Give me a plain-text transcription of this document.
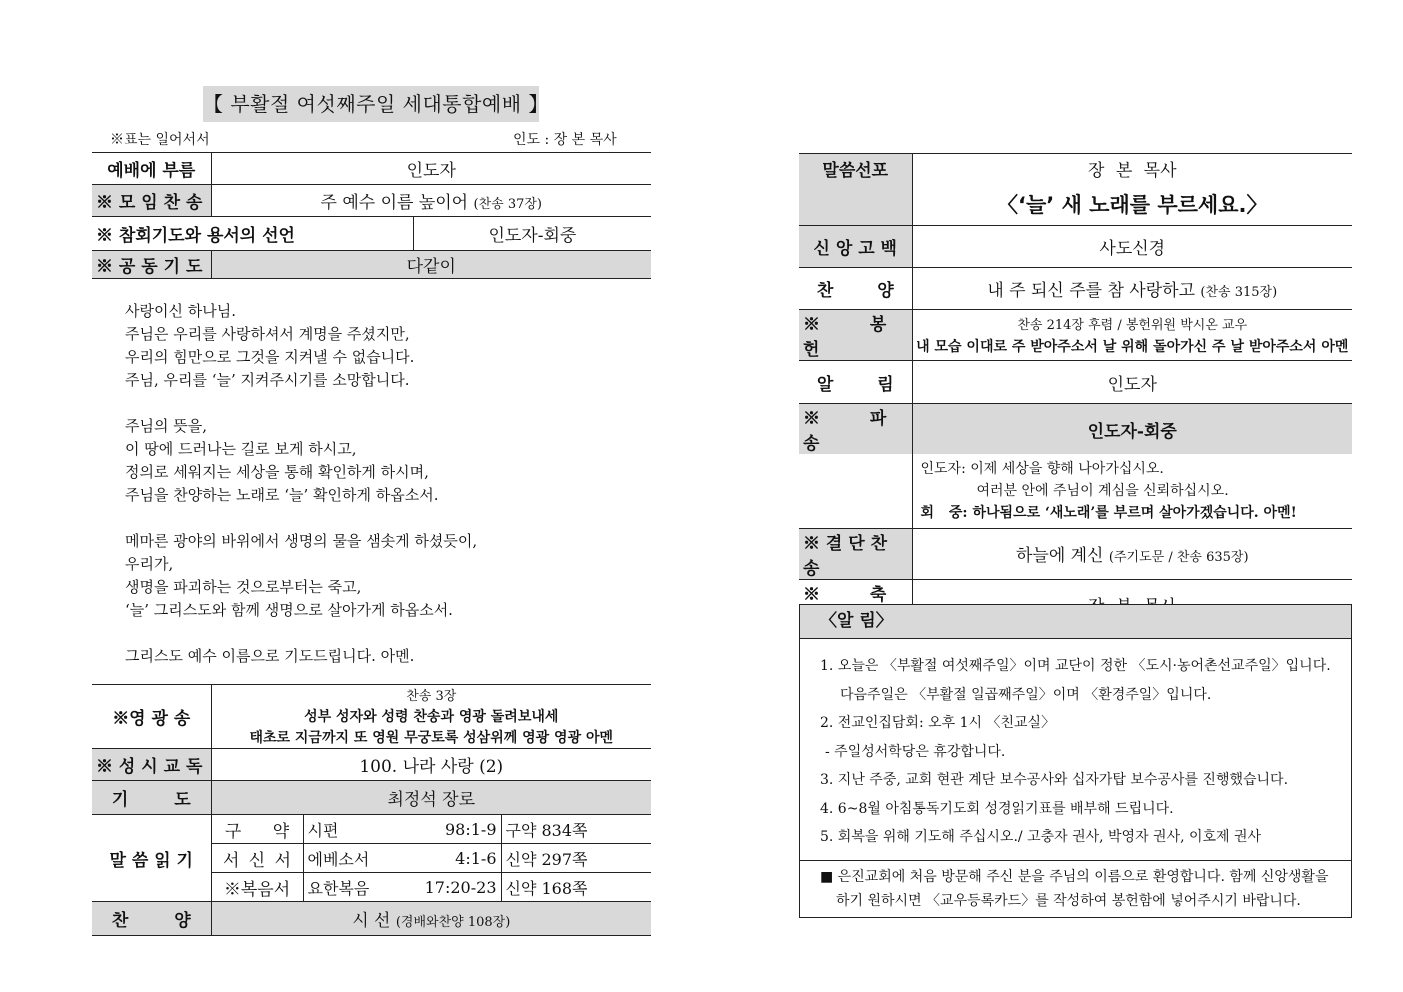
【 부활절 여섯째주일 세대통합예배 】
※표는 일어서서	인도 : 장 본 목사
예배에 부름	인도자	
※ 모 임 찬 송	주 예수 이름 높이어 (찬송 37장)	
※ 참회기도와 용서의 선언		인도자-회중
※ 공 동 기 도	다같이	

사랑이신 하나님.
주님은 우리를 사랑하셔서 계명을 주셨지만,
우리의 힘만으로 그것을 지켜낼 수 없습니다.
주님, 우리를 ‘늘’ 지켜주시기를 소망합니다.

주님의 뜻을,
이 땅에 드러나는 길로 보게 하시고,
정의로 세워지는 세상을 통해 확인하게 하시며,
주님을 찬양하는 노래로 ‘늘’ 확인하게 하옵소서.

메마른 광야의 바위에서 생명의 물을 샘솟게 하셨듯이,
우리가,
생명을 파괴하는 것으로부터는 죽고,
‘늘’ 그리스도와 함께 생명으로 살아가게 하옵소서.

그리스도 예수 이름으로 기도드립니다. 아멘.

※영 광 송	찬송 3장
성부 성자와 성령 찬송과 영광 돌려보내세
태초로 지금까지 또 영원 무궁토록 성삼위께 영광 영광 아멘			
※ 성 시 교 독	100. 나라 사랑 (2)			
기 도	최정석 장로			
말 씀 읽 기	구 약	시편	98:1-9	구약 834쪽
	서 신 서	에베소서	4:1-6	신약 297쪽
	※복음서	요한복음	17:20-23	신약 168쪽
찬 양	시 선 (경배와찬양 108장)			
말씀선포	장 본 목사
	〈‘늘’ 새 노래를 부르세요.〉
신 앙 고 백	사도신경
찬 양	내 주 되신 주를 참 사랑하고 (찬송 315장)
※ 봉 헌	찬송 214장 후렴 / 봉헌위원 박시온 교우
내 모습 이대로 주 받아주소서 날 위해 돌아가신 주 날 받아주소서 아멘
알 림	인도자
※ 파 송	인도자-회중
	인도자: 이제 세상을 향해 나아가십시오.
여러분 안에 주님이 계심을 신뢰하십시오.
회 중: 하나됨으로 ‘새노래’를 부르며 살아가겠습니다. 아멘!
※ 결 단 찬 송	하늘에 계신 (주기도문 / 찬송 635장)
※ 축	
〈알 림〉
1. 오늘은 〈부활절 여섯째주일〉이며 교단이 정한 〈도시·농어촌선교주일〉입니다.
다음주일은 〈부활절 일곱째주일〉이며 〈환경주일〉입니다.
2. 전교인집담회: 오후 1시 〈친교실〉
- 주일성서학당은 휴강합니다.
3. 지난 주중, 교회 현관 계단 보수공사와 십자가탑 보수공사를 진행했습니다.
4. 6~8월 아침통독기도회 성경읽기표를 배부해 드립니다.
5. 회복을 위해 기도해 주십시오./ 고충자 권사, 박영자 권사, 이호제 권사
■ 은진교회에 처음 방문해 주신 분을 주님의 이름으로 환영합니다. 함께 신앙생활을
하기 원하시면 〈교우등록카드〉를 작성하여 봉헌함에 넣어주시기 바랍니다.
